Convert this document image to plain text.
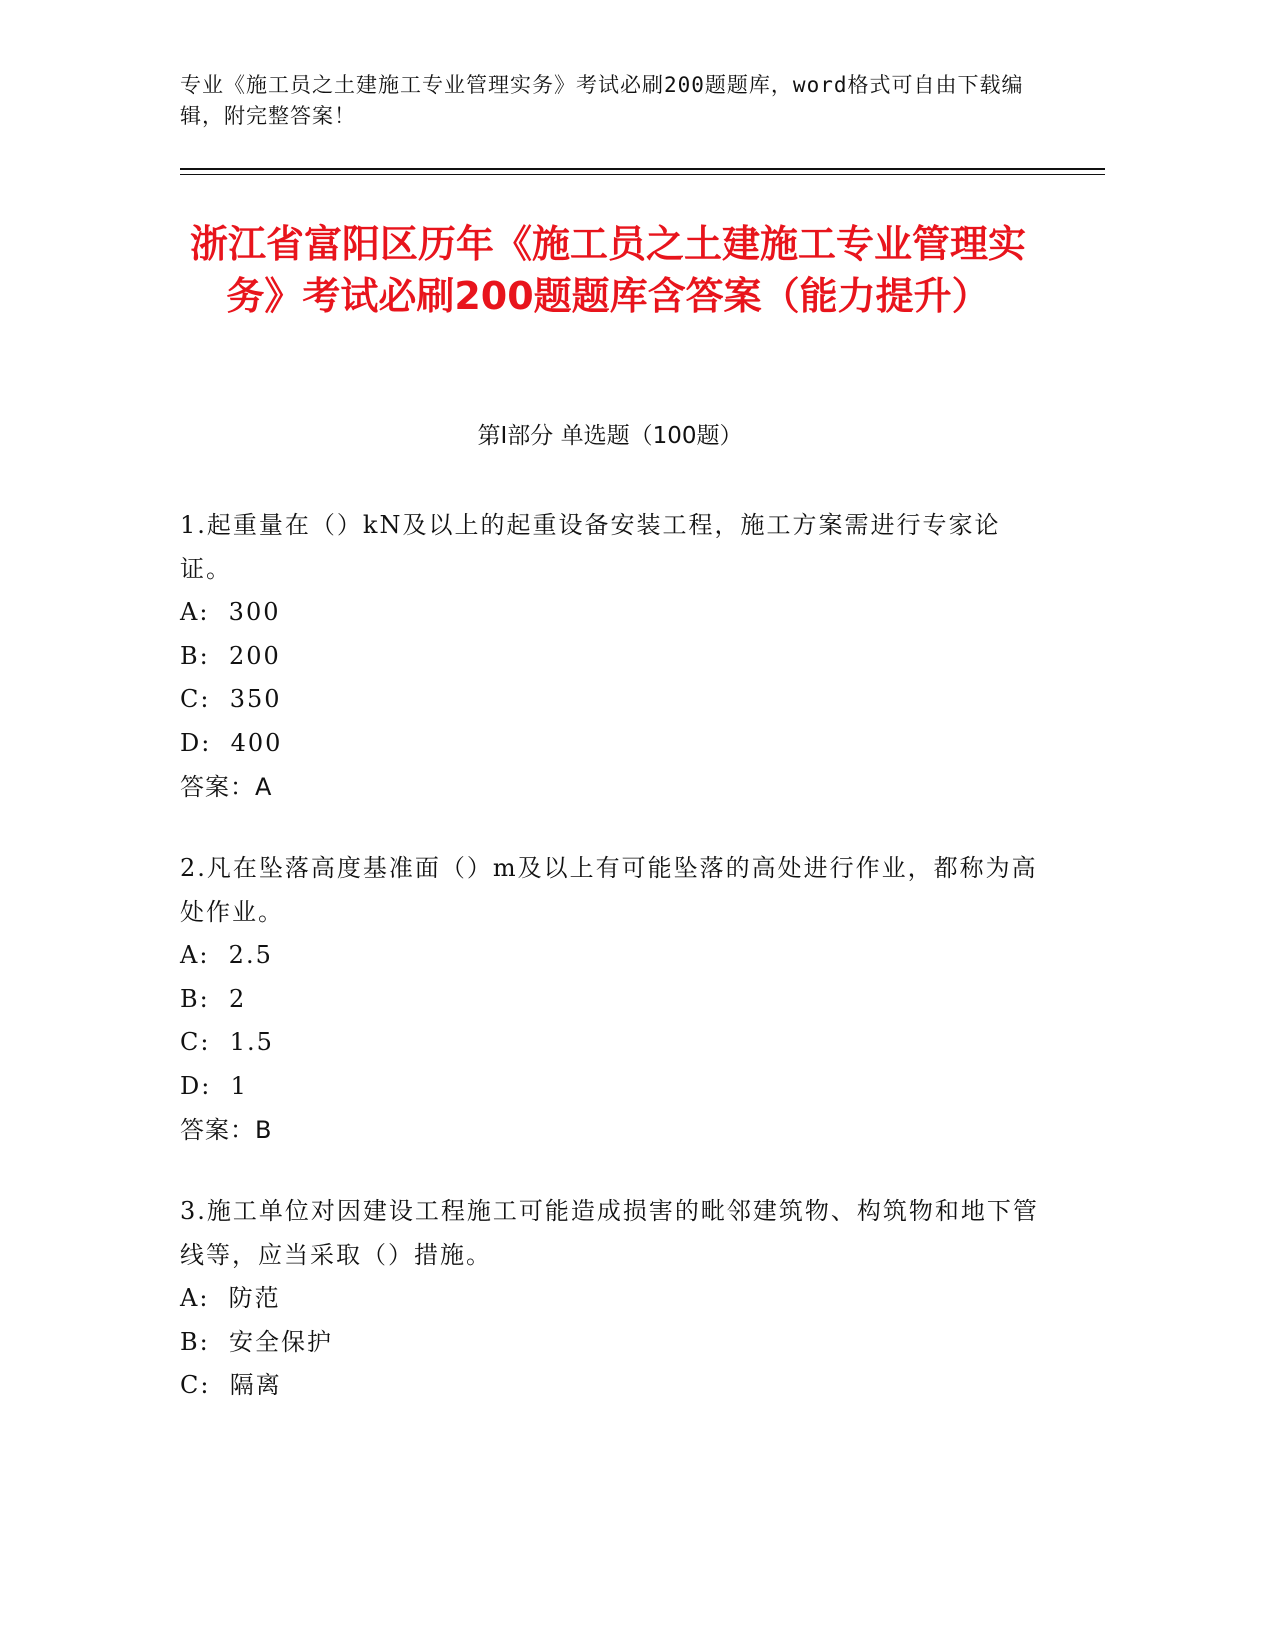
专业《施工员之土建施工专业管理实务》考试必刷200题题库，word格式可自由下载编辑，附完整答案！
浙江省富阳区历年《施工员之土建施工专业管理实务》考试必刷200题题库含答案（能力提升）
第Ⅰ部分 单选题（100题）

1.起重量在（）kN及以上的起重设备安装工程，施工方案需进行专家论证。

A:  300

B:  200

C:  350

D:  400

答案：A

2.凡在坠落高度基准面（）m及以上有可能坠落的高处进行作业，都称为高处作业。

A:  2.5

B:  2

C:  1.5

D:  1

答案：B

3.施工单位对因建设工程施工可能造成损害的毗邻建筑物、构筑物和地下管线等，应当采取（）措施。

A:  防范

B:  安全保护

C:  隔离
